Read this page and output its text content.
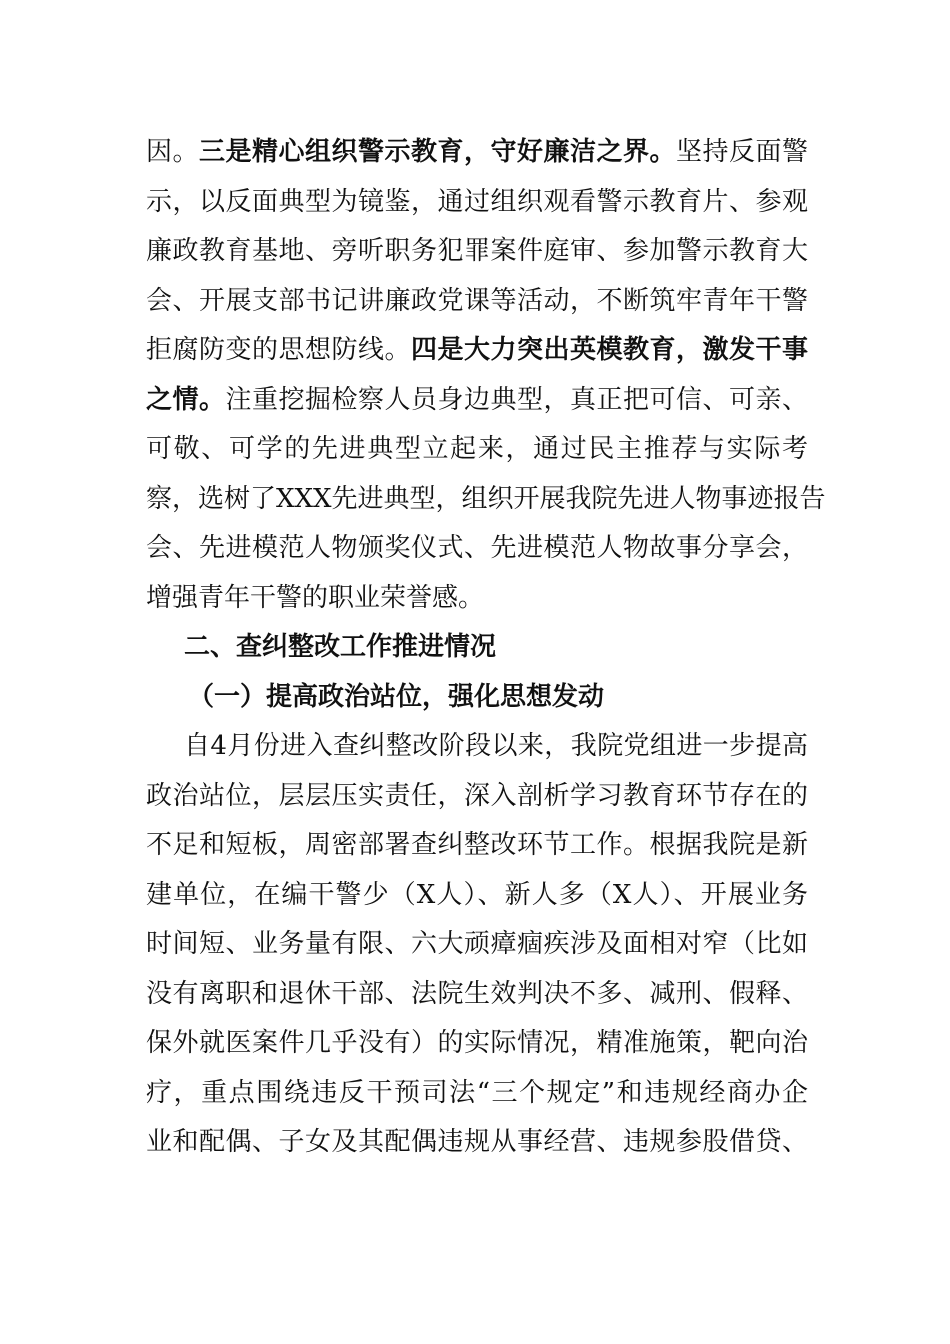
因。三是精心组织警示教育，守好廉洁之界。坚持反面警
示，以反面典型为镜鉴，通过组织观看警示教育片、参观
廉政教育基地、旁听职务犯罪案件庭审、参加警示教育大
会、开展支部书记讲廉政党课等活动，不断筑牢青年干警
拒腐防变的思想防线。四是大力突出英模教育，激发干事
之情。注重挖掘检察人员身边典型，真正把可信、可亲、
可敬、可学的先进典型立起来，通过民主推荐与实际考
察，选树了XXX先进典型，组织开展我院先进人物事迹报告
会、先进模范人物颁奖仪式、先进模范人物故事分享会，
增强青年干警的职业荣誉感。
二、查纠整改工作推进情况
（一）提高政治站位，强化思想发动
自4月份进入查纠整改阶段以来，我院党组进一步提高
政治站位，层层压实责任，深入剖析学习教育环节存在的
不足和短板，周密部署查纠整改环节工作。根据我院是新
建单位，在编干警少（X人）、新人多（X人）、开展业务
时间短、业务量有限、六大顽瘴痼疾涉及面相对窄（比如
没有离职和退休干部、法院生效判决不多、减刑、假释、
保外就医案件几乎没有）的实际情况，精准施策，靶向治
疗，重点围绕违反干预司法“三个规定”和违规经商办企
业和配偶、子女及其配偶违规从事经营、违规参股借贷、
